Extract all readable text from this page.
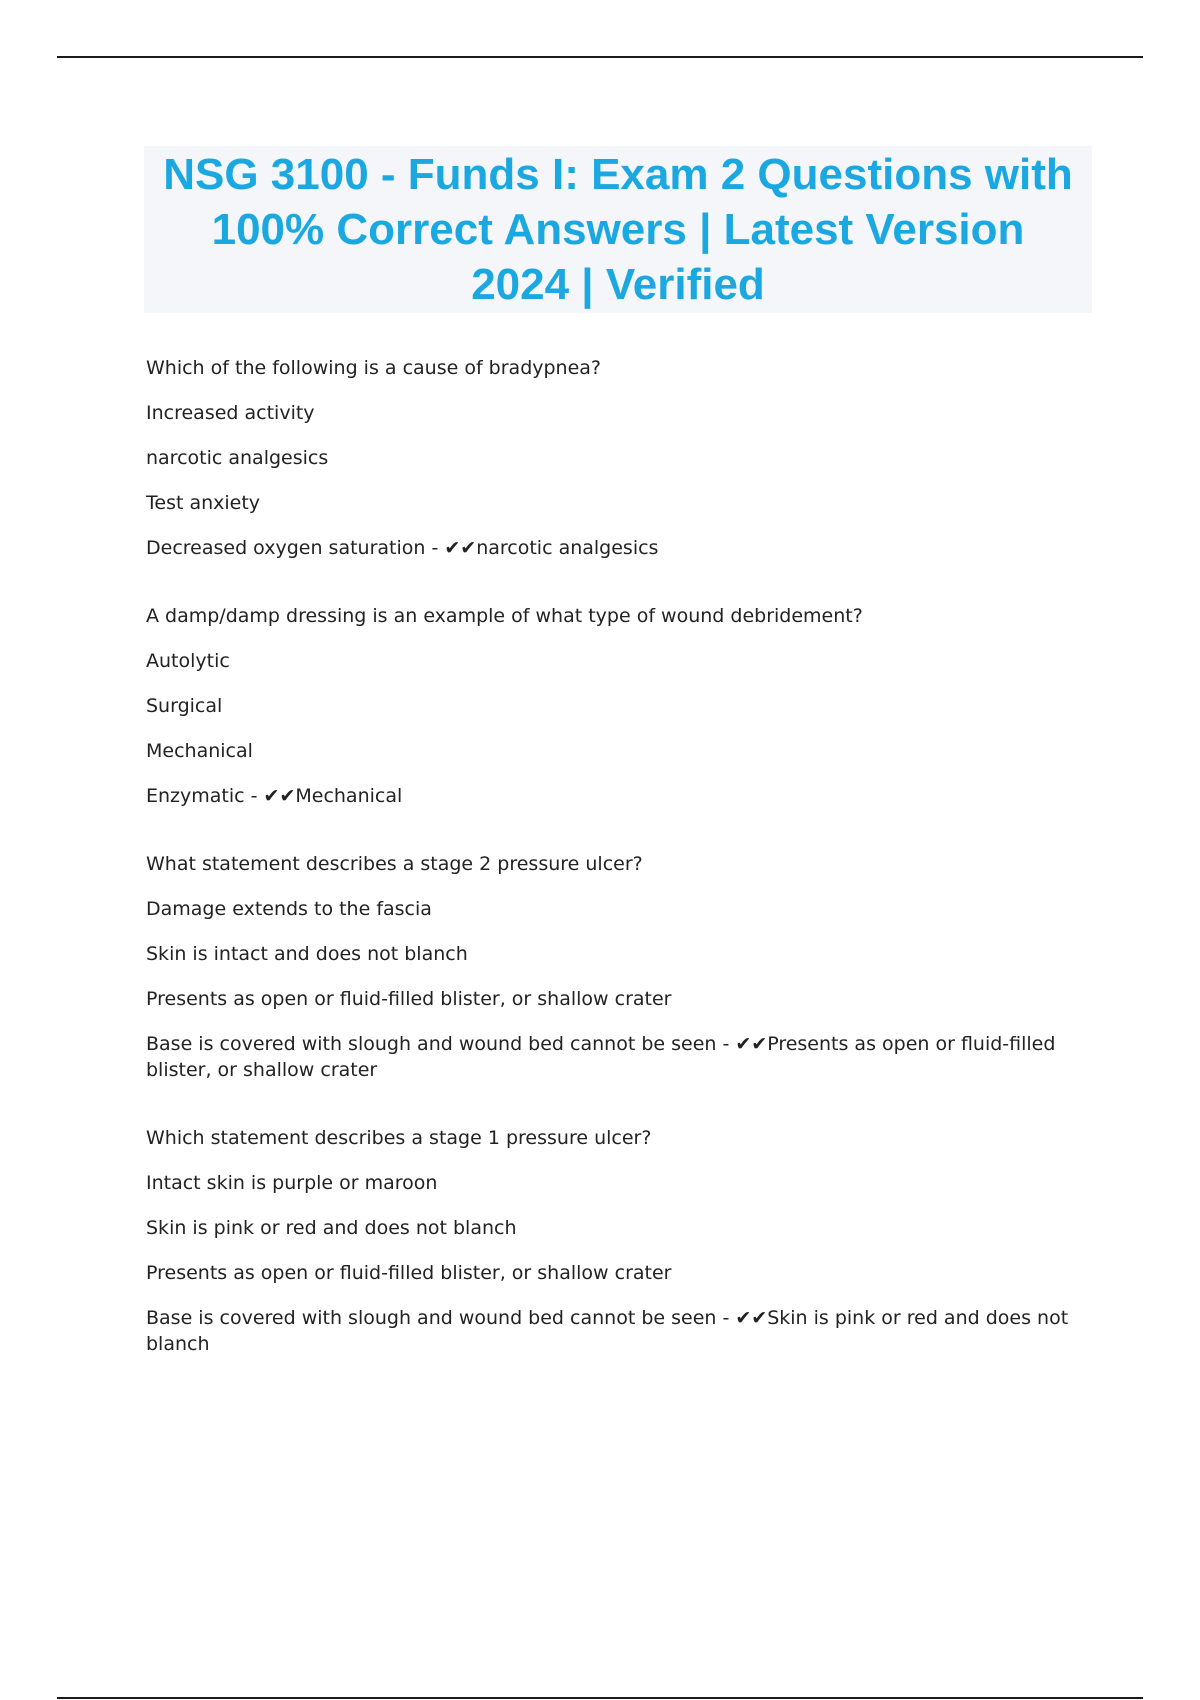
NSG 3100 - Funds I: Exam 2 Questions with 100% Correct Answers | Latest Version 2024 | Verified

Which of the following is a cause of bradypnea?

Increased activity

narcotic analgesics

Test anxiety

Decreased oxygen saturation - ✔✔narcotic analgesics

A damp/damp dressing is an example of what type of wound debridement?

Autolytic

Surgical

Mechanical

Enzymatic - ✔✔Mechanical

What statement describes a stage 2 pressure ulcer?

Damage extends to the fascia

Skin is intact and does not blanch

Presents as open or fluid-filled blister, or shallow crater

Base is covered with slough and wound bed cannot be seen - ✔✔Presents as open or fluid-filled blister, or shallow crater

Which statement describes a stage 1 pressure ulcer?

Intact skin is purple or maroon

Skin is pink or red and does not blanch

Presents as open or fluid-filled blister, or shallow crater

Base is covered with slough and wound bed cannot be seen - ✔✔Skin is pink or red and does not blanch
